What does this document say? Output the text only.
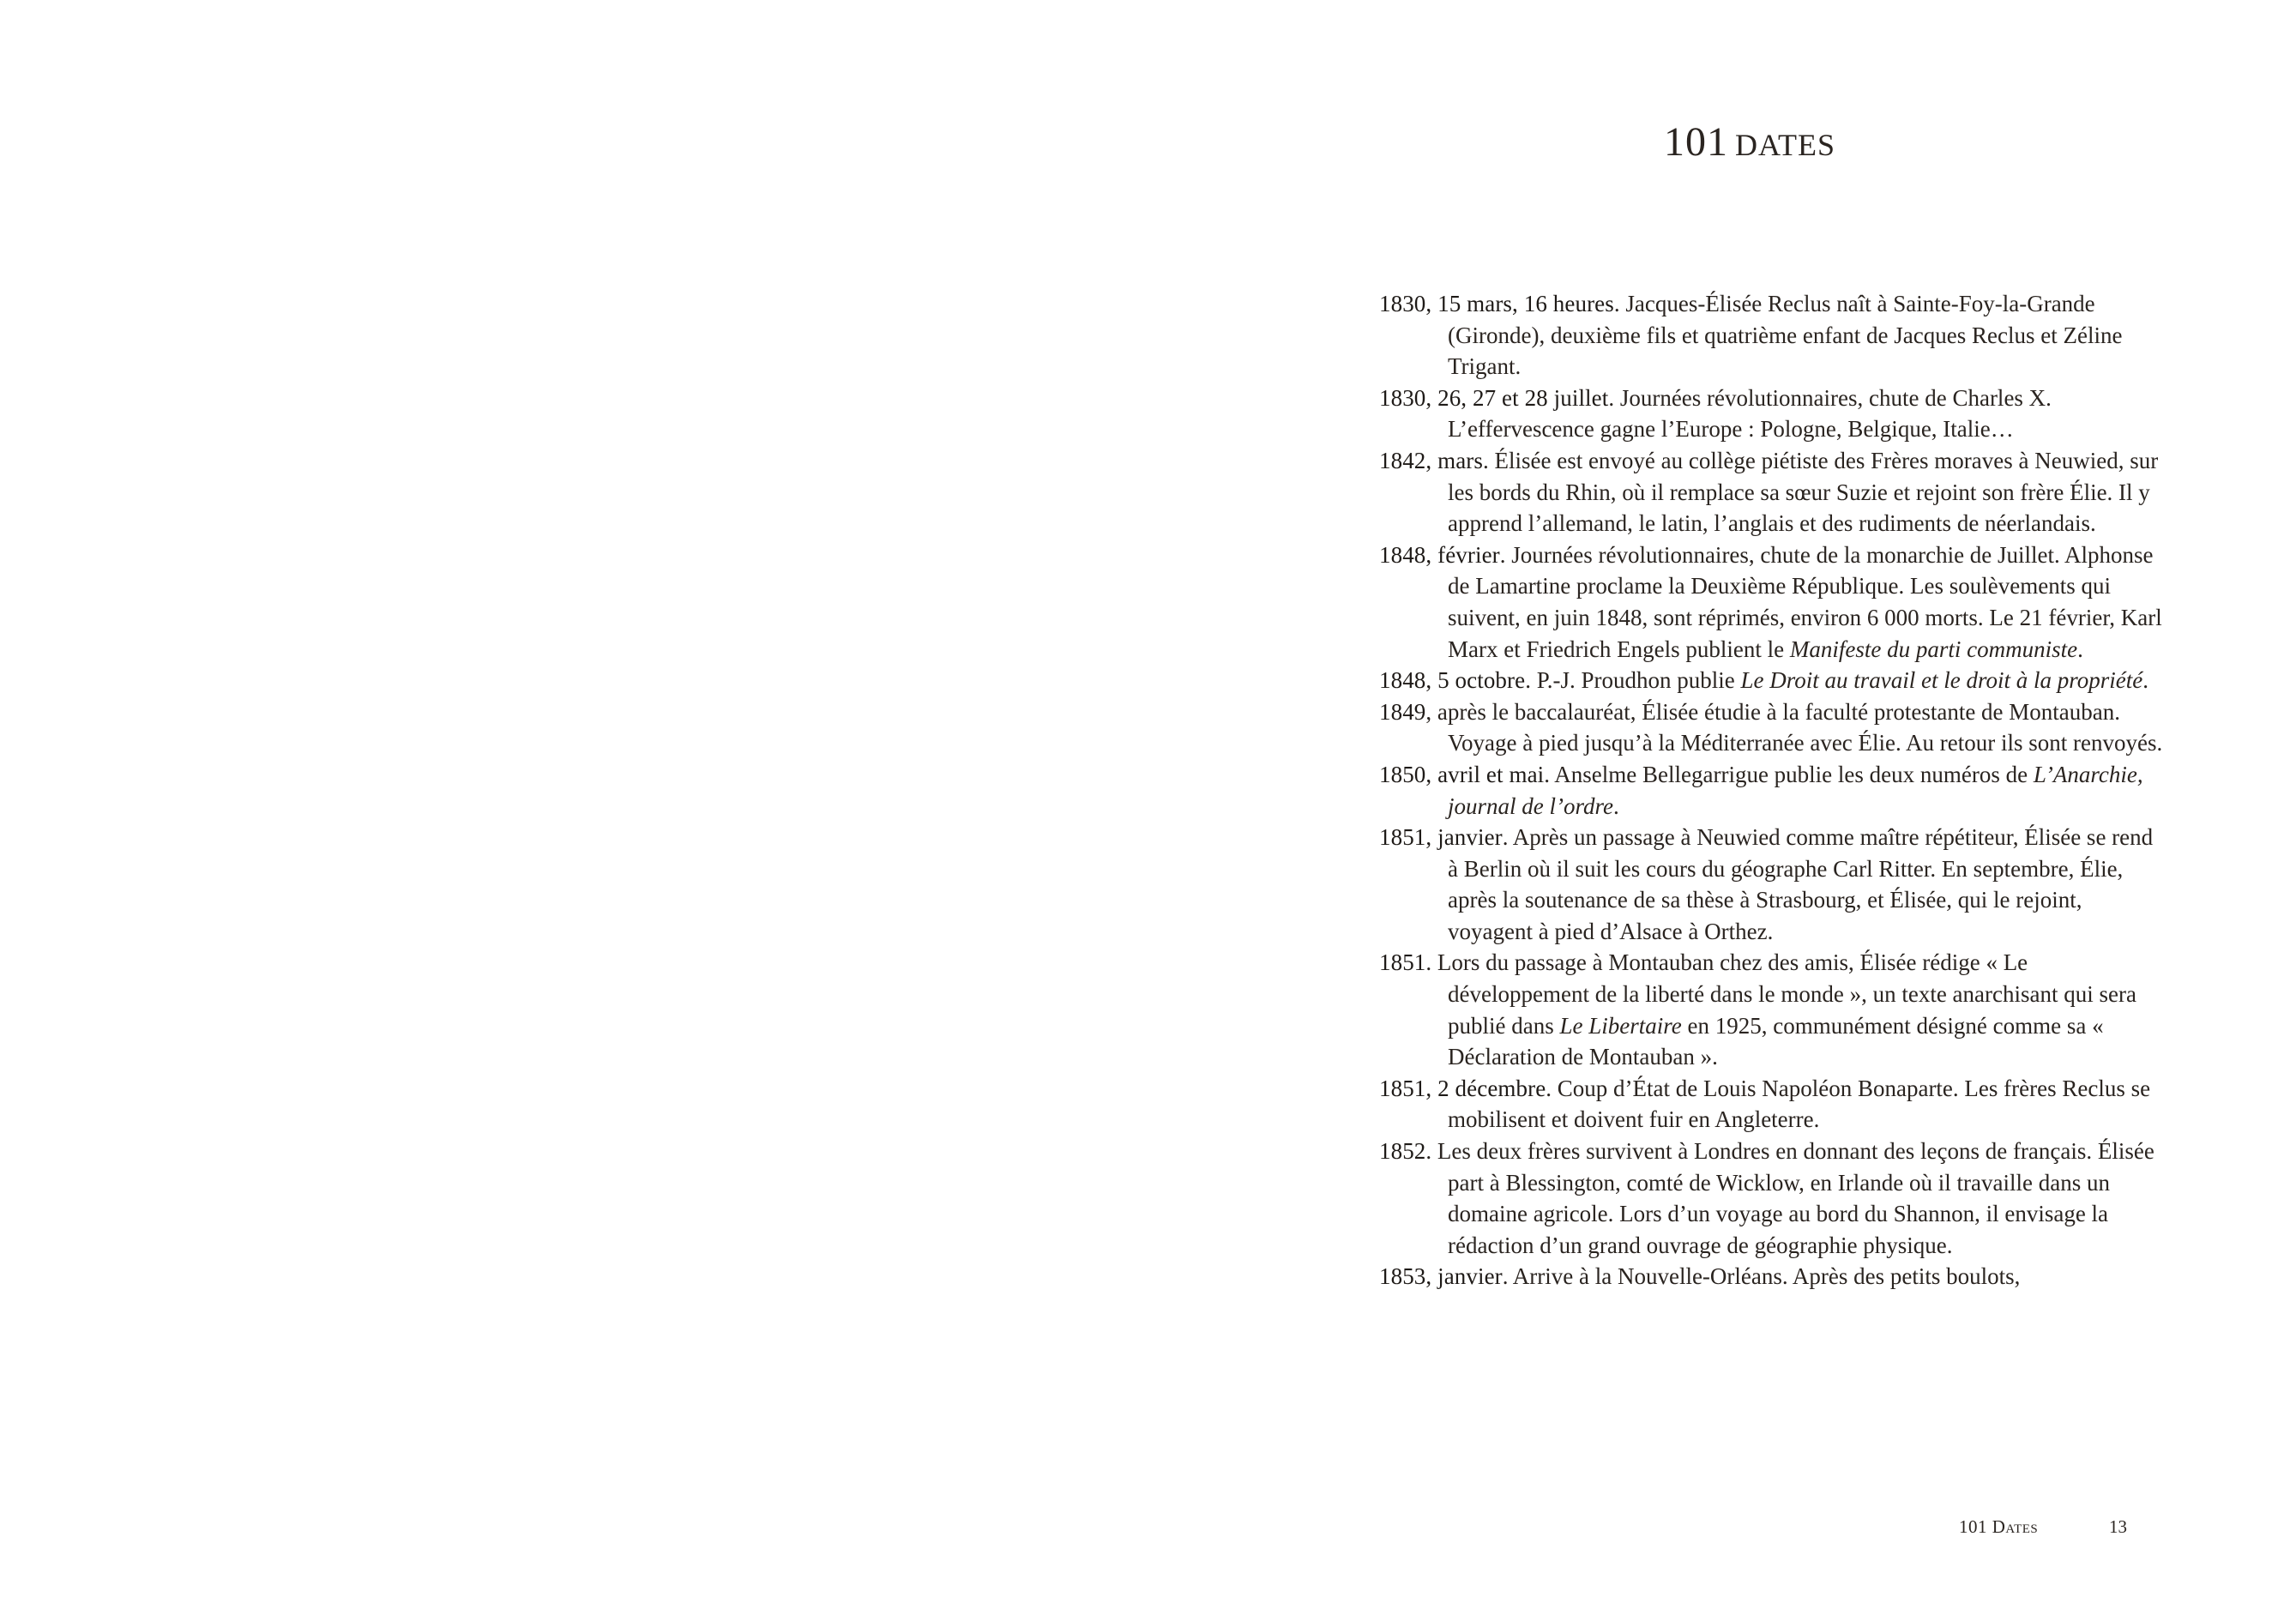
101 DATES

1830, 15 mars, 16 heures. Jacques-Élisée Reclus naît à Sainte-Foy-la-Grande (Gironde), deuxième fils et quatrième enfant de Jacques Reclus et Zéline Trigant.

1830, 26, 27 et 28 juillet. Journées révolutionnaires, chute de Charles X. L’effervescence gagne l’Europe : Pologne, Belgique, Italie…

1842, mars. Élisée est envoyé au collège piétiste des Frères moraves à Neuwied, sur les bords du Rhin, où il remplace sa sœur Suzie et rejoint son frère Élie. Il y apprend l’allemand, le latin, l’anglais et des rudiments de néerlandais.

1848, février. Journées révolutionnaires, chute de la monarchie de Juillet. Alphonse de Lamartine proclame la Deuxième République. Les soulèvements qui suivent, en juin 1848, sont réprimés, environ 6 000 morts. Le 21 février, Karl Marx et Friedrich Engels publient le Manifeste du parti communiste.

1848, 5 octobre. P.-J. Proudhon publie Le Droit au travail et le droit à la propriété.

1849, après le baccalauréat, Élisée étudie à la faculté protestante de Montauban. Voyage à pied jusqu’à la Méditerranée avec Élie. Au retour ils sont renvoyés.

1850, avril et mai. Anselme Bellegarrigue publie les deux numéros de L’Anarchie, journal de l’ordre.

1851, janvier. Après un passage à Neuwied comme maître répétiteur, Élisée se rend à Berlin où il suit les cours du géographe Carl Ritter. En septembre, Élie, après la soutenance de sa thèse à Strasbourg, et Élisée, qui le rejoint, voyagent à pied d’Alsace à Orthez.

1851. Lors du passage à Montauban chez des amis, Élisée rédige « Le développement de la liberté dans le monde », un texte anarchisant qui sera publié dans Le Libertaire en 1925, communément désigné comme sa « Déclaration de Montauban ».

1851, 2 décembre. Coup d’État de Louis Napoléon Bonaparte. Les frères Reclus se mobilisent et doivent fuir en Angleterre.

1852. Les deux frères survivent à Londres en donnant des leçons de français. Élisée part à Blessington, comté de Wicklow, en Irlande où il travaille dans un domaine agricole. Lors d’un voyage au bord du Shannon, il envisage la rédaction d’un grand ouvrage de géographie physique.

1853, janvier. Arrive à la Nouvelle-Orléans. Après des petits boulots,

101 Dates	13
